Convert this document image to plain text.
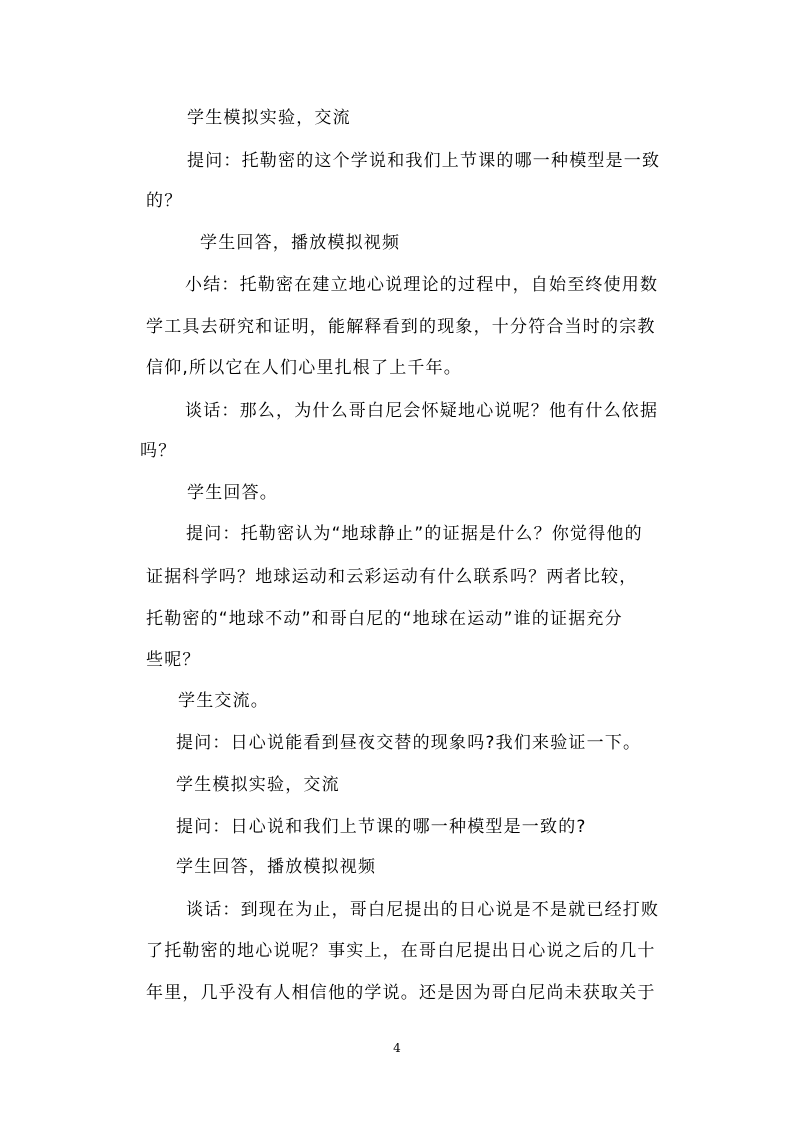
学生模拟实验，交流
提问：托勒密的这个学说和我们上节课的哪一种模型是一致
的？
学生回答，播放模拟视频
小结：托勒密在建立地心说理论的过程中，自始至终使用数
学工具去研究和证明，能解释看到的现象，十分符合当时的宗教
信仰,所以它在人们心里扎根了上千年。
谈话：那么，为什么哥白尼会怀疑地心说呢？他有什么依据
吗？
学生回答。
提问：托勒密认为“地球静止”的证据是什么？你觉得他的
证据科学吗？地球运动和云彩运动有什么联系吗？两者比较，
托勒密的“地球不动”和哥白尼的“地球在运动”谁的证据充分
些呢？
学生交流。
提问：日心说能看到昼夜交替的现象吗?我们来验证一下。
学生模拟实验，交流
提问：日心说和我们上节课的哪一种模型是一致的?
学生回答，播放模拟视频
谈话：到现在为止，哥白尼提出的日心说是不是就已经打败
了托勒密的地心说呢？事实上，在哥白尼提出日心说之后的几十
年里，几乎没有人相信他的学说。还是因为哥白尼尚未获取关于
4
